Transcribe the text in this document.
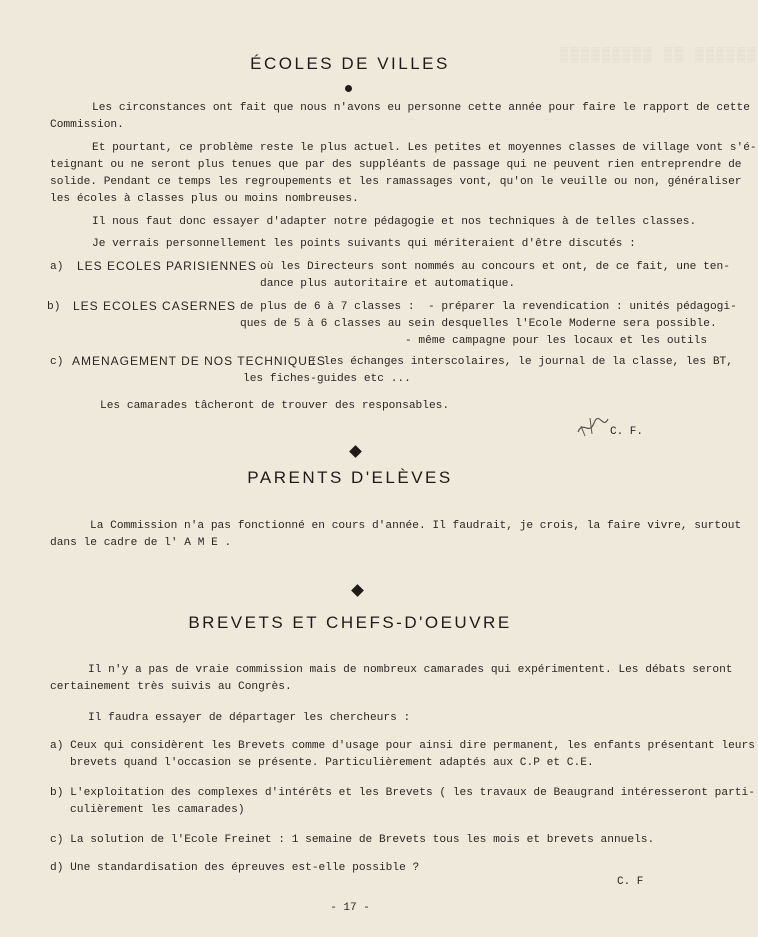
▒▒▒▒▒▒▒▒▒ ▒▒ ▒▒▒▒▒▒
ÉCOLES DE VILLES
Les circonstances ont fait que nous n'avons eu personne cette année pour faire le rapport de cette
Commission.
Et pourtant, ce problème reste le plus actuel. Les petites et moyennes classes de village vont s'é-
teignant ou ne seront plus tenues que par des suppléants de passage qui ne peuvent rien entreprendre de
solide. Pendant ce temps les regroupements et les ramassages vont, qu'on le veuille ou non, généraliser
les écoles à classes plus ou moins nombreuses.
Il nous faut donc essayer d'adapter notre pédagogie et nos techniques à de telles classes.
Je verrais personnellement les points suivants qui mériteraient d'être discutés :
a) LES ECOLES PARISIENNES où les Directeurs sont nommés au concours et ont, de ce fait, une ten-
dance plus autoritaire et automatique.
b) LES ECOLES CASERNES de plus de 6 à 7 classes :  - préparer la revendication : unités pédagogi-
ques de 5 à 6 classes au sein desquelles l'Ecole Moderne sera possible.
- même campagne pour les locaux et les outils
c) AMENAGEMENT DE NOS TECHNIQUES
: les échanges interscolaires, le journal de la classe, les BT,
les fiches-guides etc ...
Les camarades tâcheront de trouver des responsables.
C. F.
PARENTS D'ELÈVES
La Commission n'a pas fonctionné en cours d'année. Il faudrait, je crois, la faire vivre, surtout
dans le cadre de l' A M E .
BREVETS ET CHEFS-D'OEUVRE
Il n'y a pas de vraie commission mais de nombreux camarades qui expérimentent. Les débats seront
certainement très suivis au Congrès.
Il faudra essayer de départager les chercheurs :
a) Ceux qui considèrent les Brevets comme d'usage pour ainsi dire permanent, les enfants présentant leurs
brevets quand l'occasion se présente. Particulièrement adaptés aux C.P et C.E.
b) L'exploitation des complexes d'intérêts et les Brevets ( les travaux de Beaugrand intéresseront parti-
culièrement les camarades)
c) La solution de l'Ecole Freinet : 1 semaine de Brevets tous les mois et brevets annuels.
d) Une standardisation des épreuves est-elle possible ?
C. F
- 17 -
